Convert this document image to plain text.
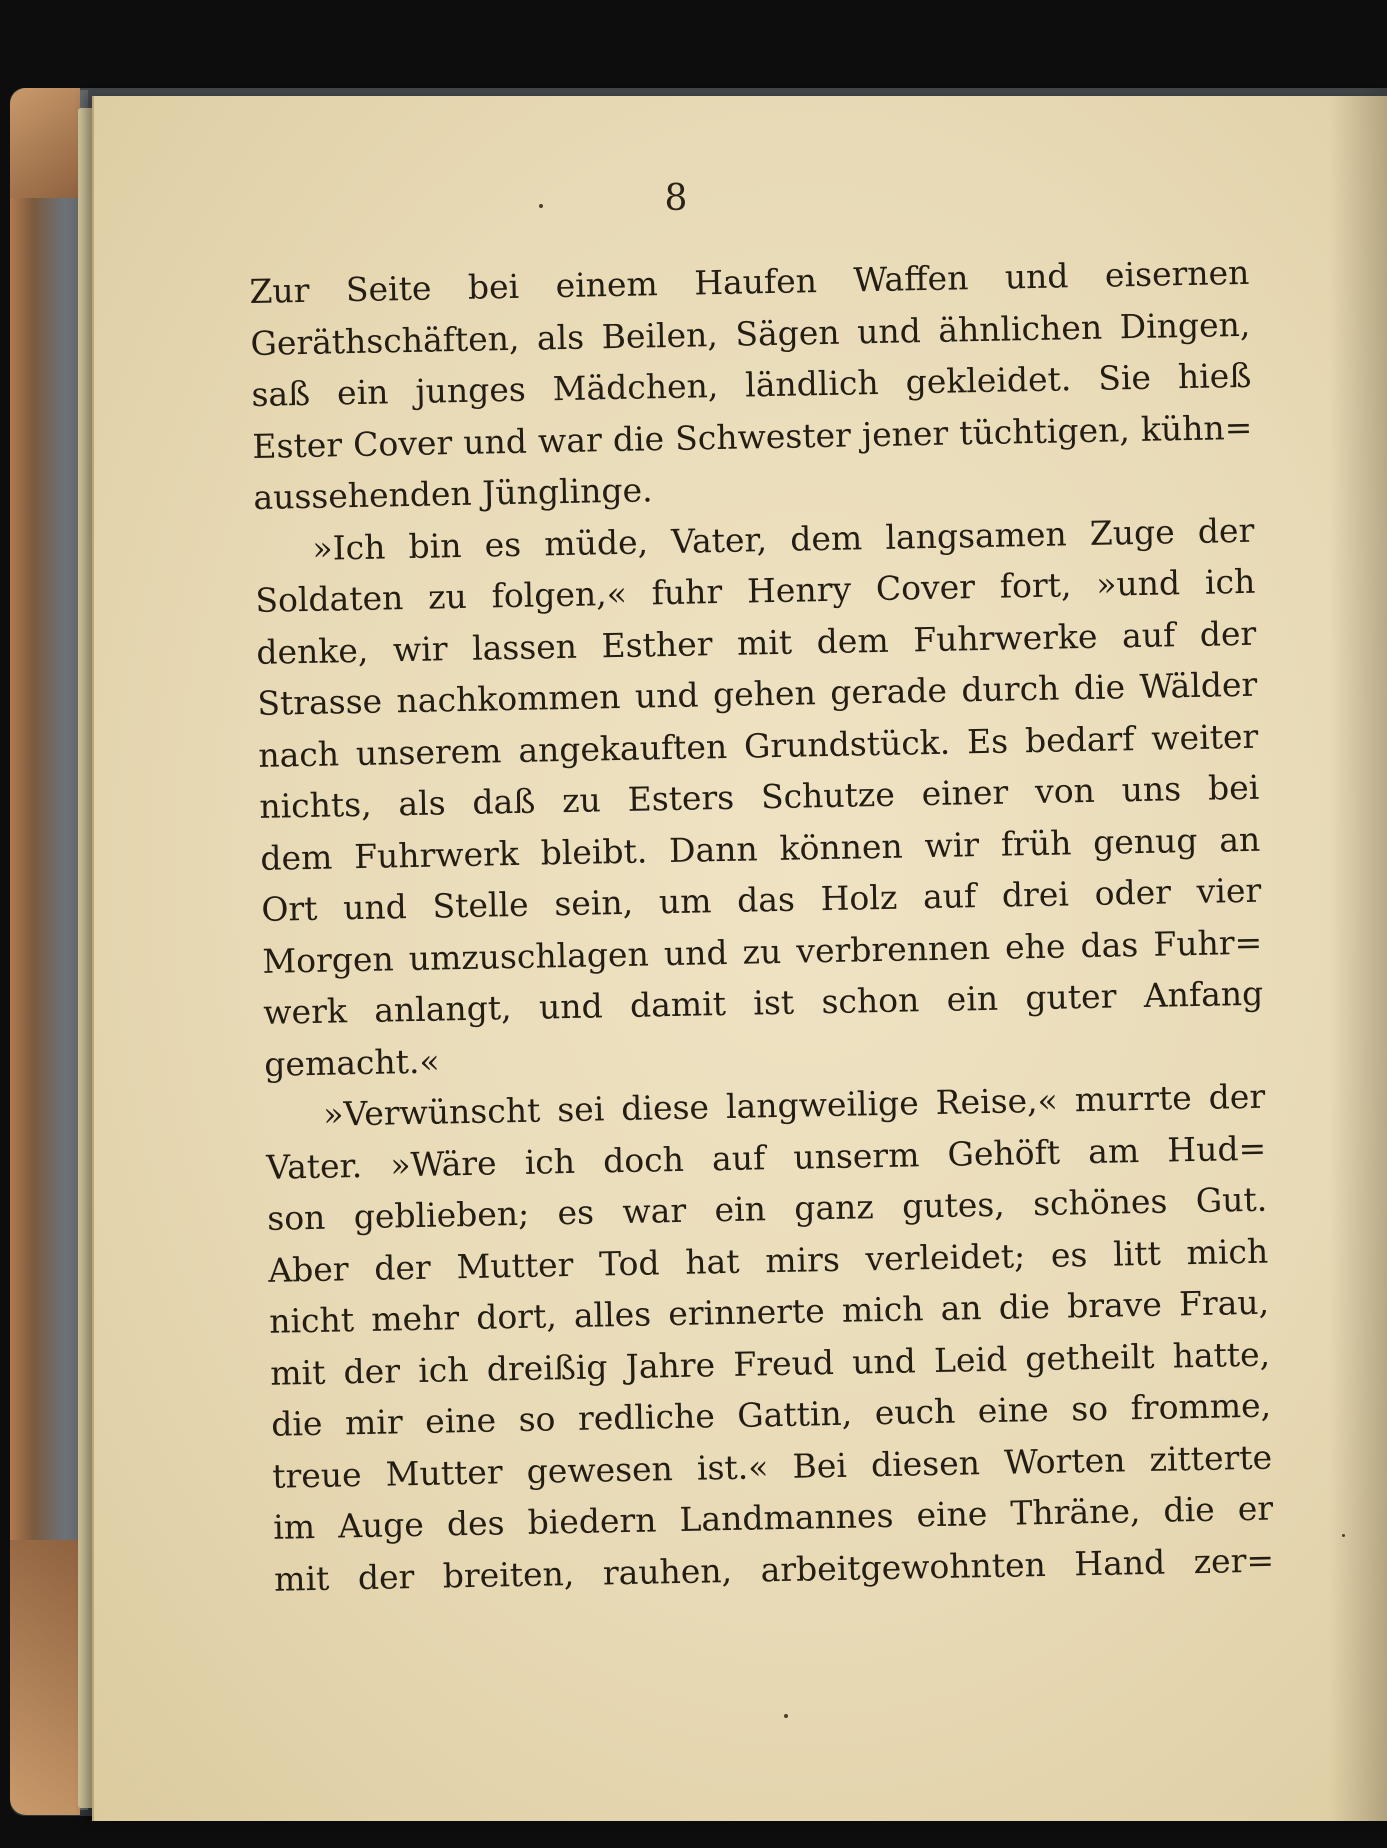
8
Zur Seite bei einem Haufen Waffen und eisernen
Geräthschäften, als Beilen, Sägen und ähnlichen Dingen,
saß ein junges Mädchen, ländlich gekleidet. Sie hieß
Ester Cover und war die Schwester jener tüchtigen, kühn=
aussehenden Jünglinge.
»Ich bin es müde, Vater, dem langsamen Zuge der
Soldaten zu folgen,« fuhr Henry Cover fort, »und ich
denke, wir lassen Esther mit dem Fuhrwerke auf der
Strasse nachkommen und gehen gerade durch die Wälder
nach unserem angekauften Grundstück. Es bedarf weiter
nichts, als daß zu Esters Schutze einer von uns bei
dem Fuhrwerk bleibt. Dann können wir früh genug an
Ort und Stelle sein, um das Holz auf drei oder vier
Morgen umzuschlagen und zu verbrennen ehe das Fuhr=
werk anlangt, und damit ist schon ein guter Anfang
gemacht.«
»Verwünscht sei diese langweilige Reise,« murrte der
Vater. »Wäre ich doch auf unserm Gehöft am Hud=
son geblieben; es war ein ganz gutes, schönes Gut.
Aber der Mutter Tod hat mirs verleidet; es litt mich
nicht mehr dort, alles erinnerte mich an die brave Frau,
mit der ich dreißig Jahre Freud und Leid getheilt hatte,
die mir eine so redliche Gattin, euch eine so fromme,
treue Mutter gewesen ist.« Bei diesen Worten zitterte
im Auge des biedern Landmannes eine Thräne, die er
mit der breiten, rauhen, arbeitgewohnten Hand zer=
